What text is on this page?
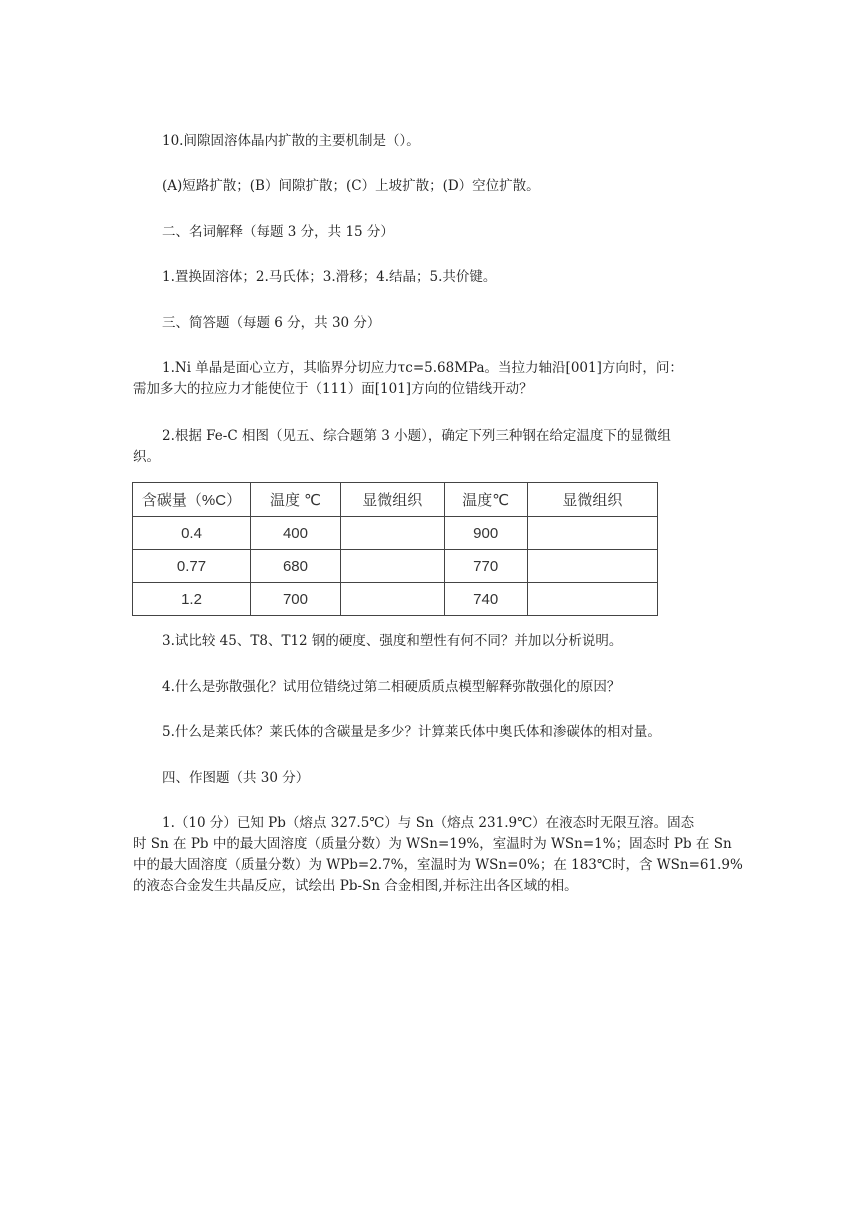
10.间隙固溶体晶内扩散的主要机制是（）。
(A)短路扩散；(B）间隙扩散；(C）上坡扩散；(D）空位扩散。
二、名词解释（每题 3 分，共 15 分）
1.置换固溶体；2.马氏体；3.滑移；4.结晶；5.共价键。
三、简答题（每题 6 分，共 30 分）
1.Ni 单晶是面心立方，其临界分切应力τc=5.68MPa。当拉力轴沿[001]方向时，问：
需加多大的拉应力才能使位于（111）面[101]方向的位错线开动？
2.根据 Fe-C 相图（见五、综合题第 3 小题），确定下列三种钢在给定温度下的显微组
织。
含碳量（%C）	温度 ℃	显微组织	温度℃	显微组织
0.4	400		900	
0.77	680		770	
1.2	700		740	
3.试比较 45、T8、T12 钢的硬度、强度和塑性有何不同？并加以分析说明。
4.什么是弥散强化？试用位错绕过第二相硬质质点模型解释弥散强化的原因？
5.什么是莱氏体？莱氏体的含碳量是多少？计算莱氏体中奥氏体和渗碳体的相对量。
四、作图题（共 30 分）
1.（10 分）已知 Pb（熔点 327.5℃）与 Sn（熔点 231.9℃）在液态时无限互溶。固态
时 Sn 在 Pb 中的最大固溶度（质量分数）为 WSn=19%，室温时为 WSn=1%；固态时 Pb 在 Sn
中的最大固溶度（质量分数）为 WPb=2.7%，室温时为 WSn=0%；在 183℃时，含 WSn=61.9%
的液态合金发生共晶反应，试绘出 Pb-Sn 合金相图,并标注出各区域的相。
